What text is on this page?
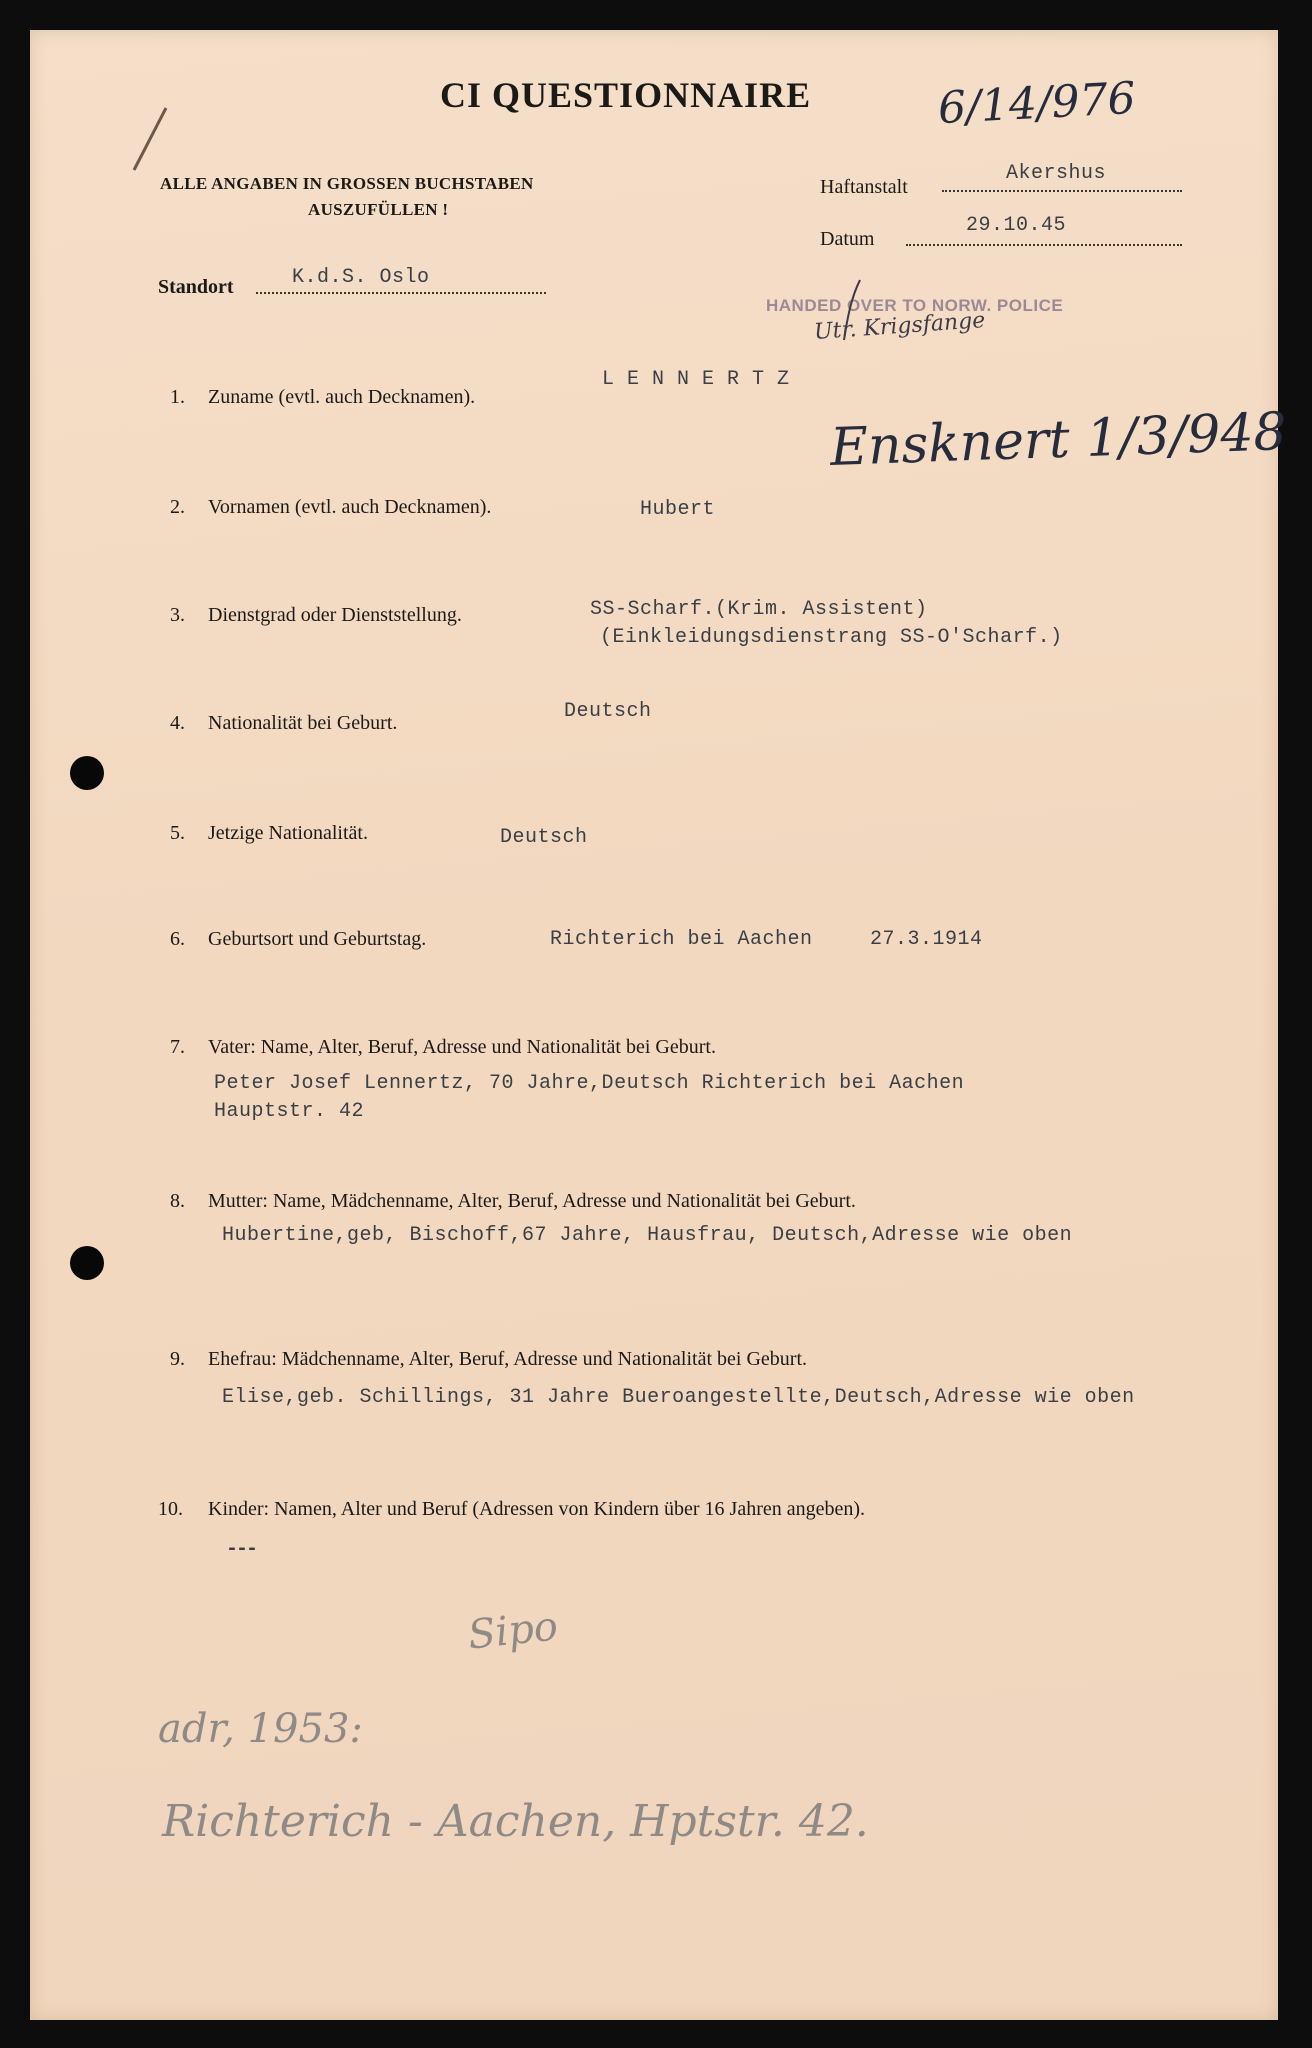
CI QUESTIONNAIRE	6/14/976
ALLE ANGABEN IN GROSSEN BUCHSTABEN
AUSZUFÜLLEN !
Haftanstalt
Akershus
Datum
29.10.45
Standort	K.d.S. Oslo
HANDED OVER TO NORW. POLICE
Utr. Krigsfange
1. Zuname (evtl. auch Decknamen).
L E N N E R T Z
Ensknert 1/3/948
2. Vornamen (evtl. auch Decknamen).	Hubert
3. Dienstgrad oder Dienststellung.	SS-Scharf.(Krim. Assistent)
(Einkleidungsdienstrang SS-O'Scharf.)
4. Nationalität bei Geburt.	Deutsch
5. Jetzige Nationalität.	Deutsch
6. Geburtsort und Geburtstag.	Richterich bei Aachen	27.3.1914
7. Vater: Name, Alter, Beruf, Adresse und Nationalität bei Geburt.
Peter Josef Lennertz, 70 Jahre,Deutsch Richterich bei Aachen
Hauptstr. 42
8. Mutter: Name, Mädchenname, Alter, Beruf, Adresse und Nationalität bei Geburt.
Hubertine,geb, Bischoff,67 Jahre, Hausfrau, Deutsch,Adresse wie oben
9. Ehefrau: Mädchenname, Alter, Beruf, Adresse und Nationalität bei Geburt.
Elise,geb. Schillings, 31 Jahre Bueroangestellte,Deutsch,Adresse wie oben
10. Kinder: Namen, Alter und Beruf (Adressen von Kindern über 16 Jahren angeben).
---
Sipo
adr, 1953:
Richterich - Aachen, Hptstr. 42.
